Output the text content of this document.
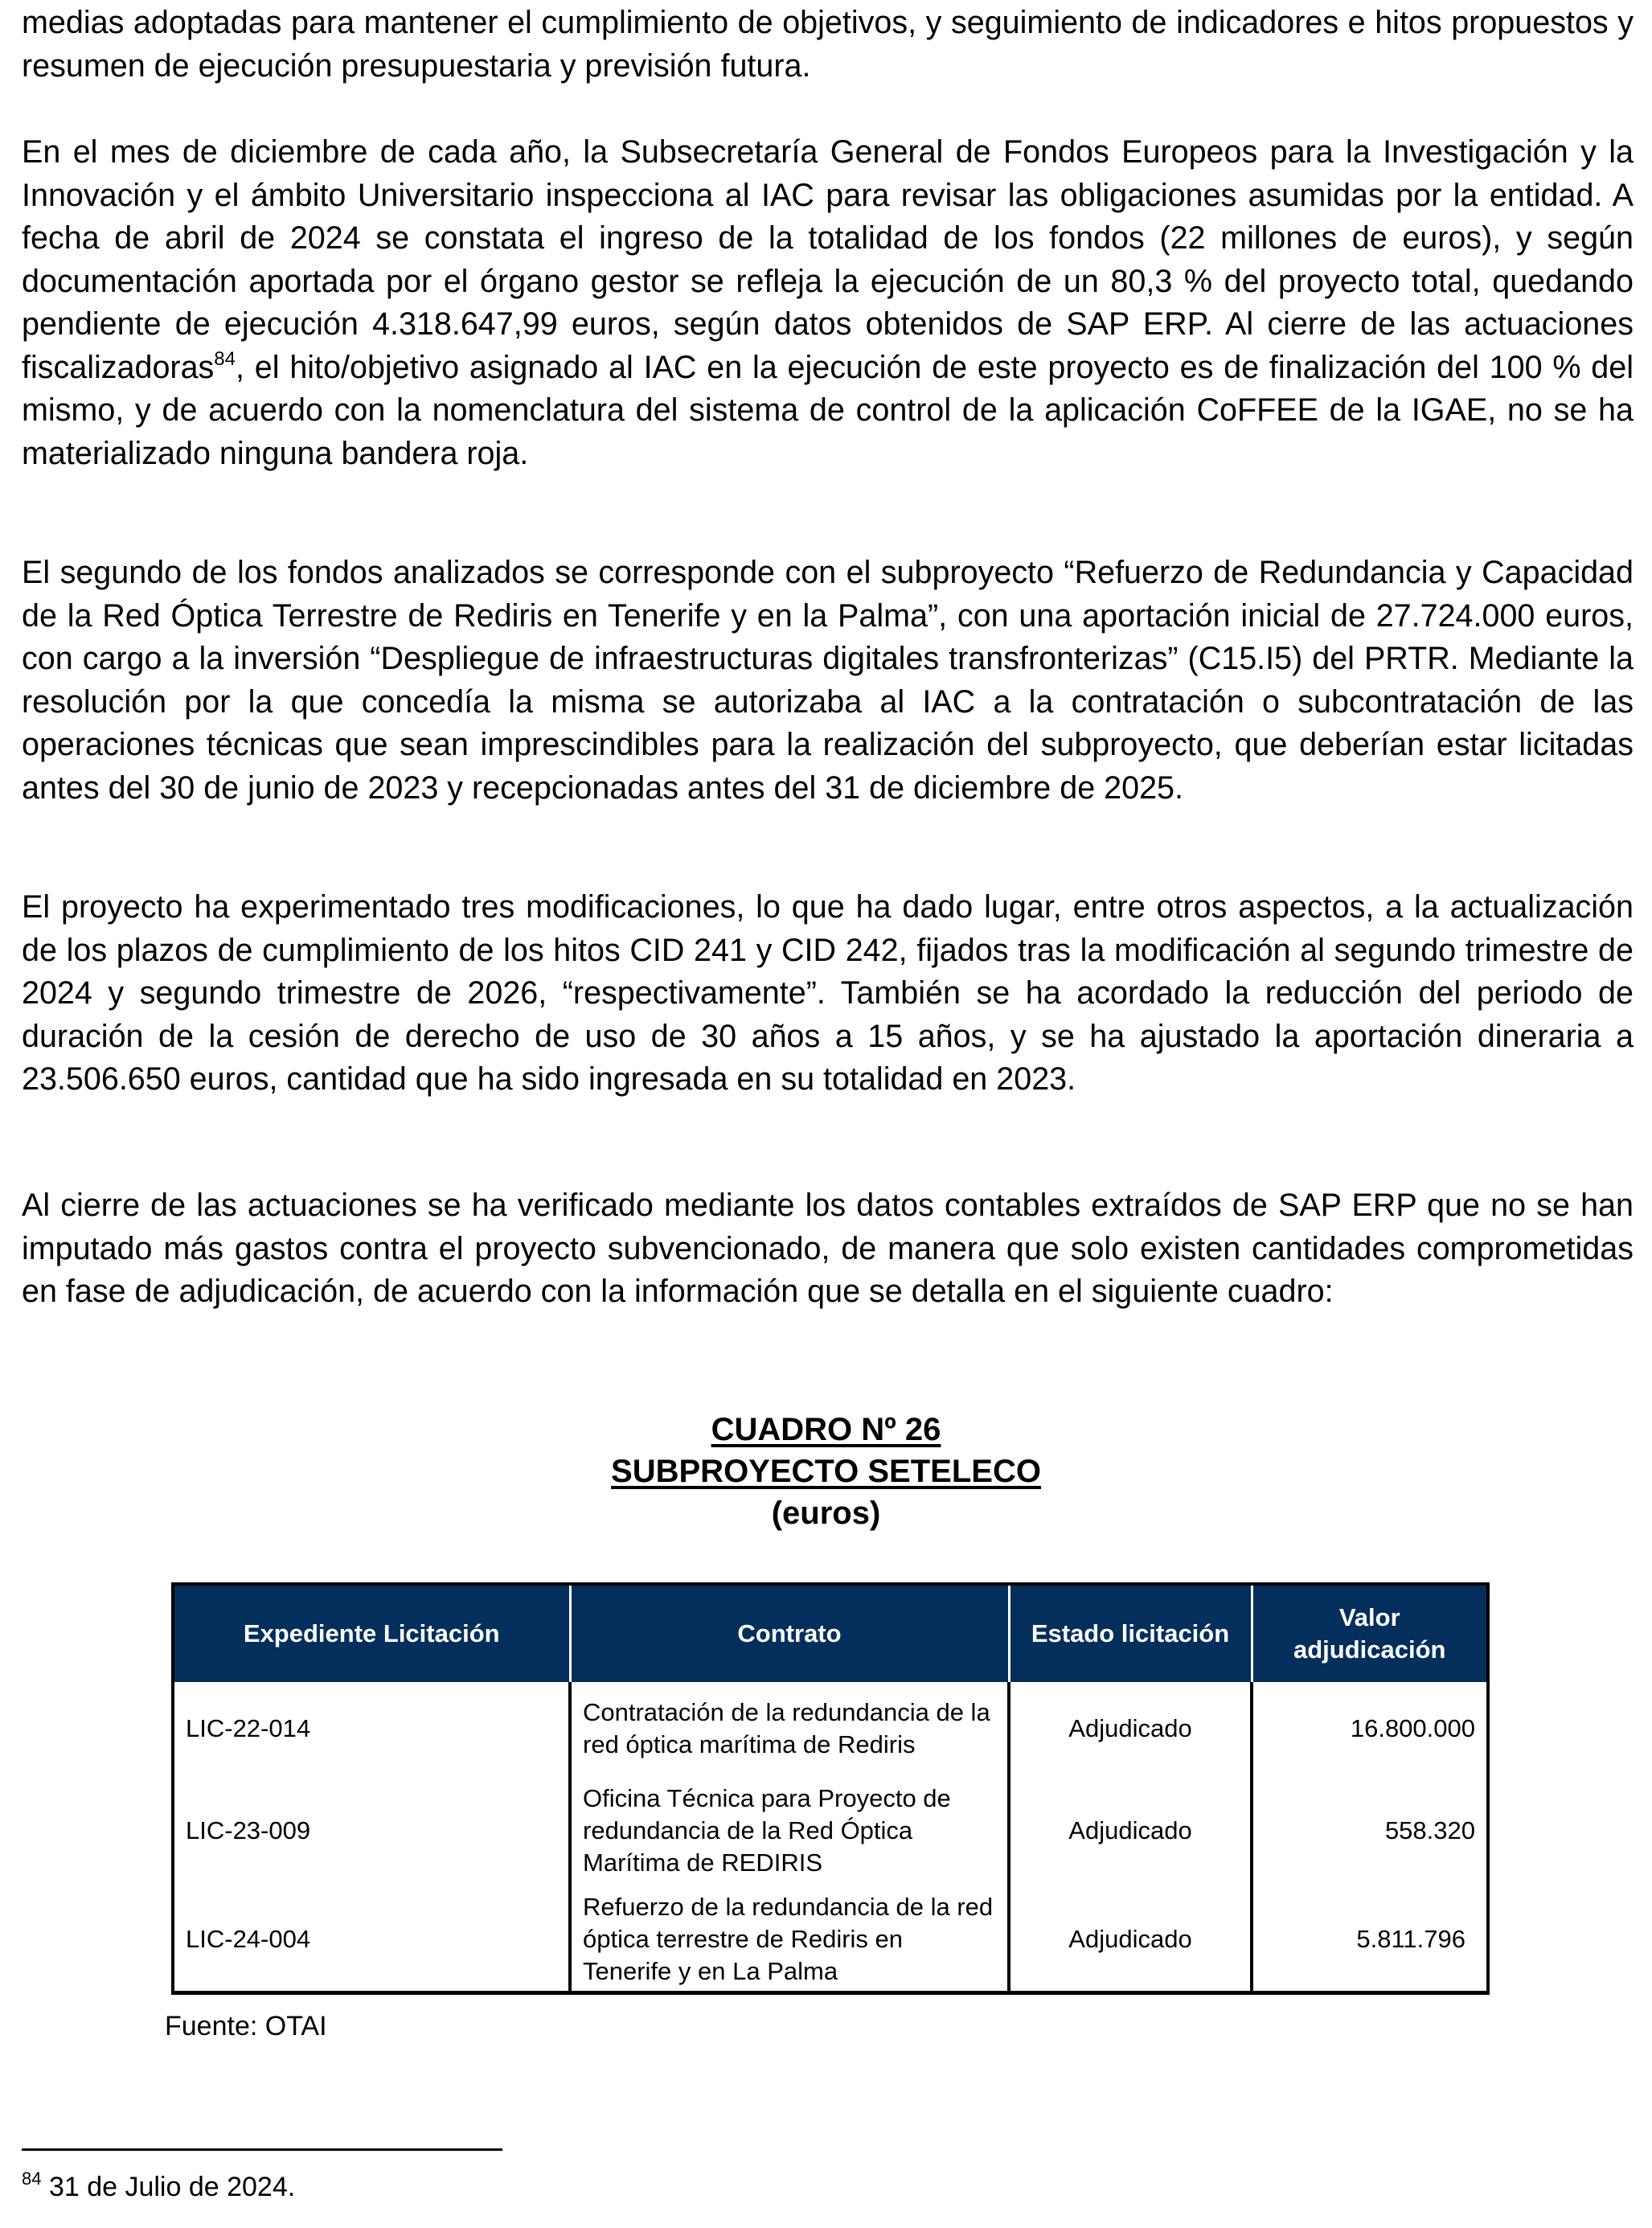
medias adoptadas para mantener el cumplimiento de objetivos, y seguimiento de indicadores e hitos propuestos y resumen de ejecución presupuestaria y previsión futura.

En el mes de diciembre de cada año, la Subsecretaría General de Fondos Europeos para la Investigación y la Innovación y el ámbito Universitario inspecciona al IAC para revisar las obligaciones asumidas por la entidad. A fecha de abril de 2024 se constata el ingreso de la totalidad de los fondos (22 millones de euros), y según documentación aportada por el órgano gestor se refleja la ejecución de un 80,3 % del proyecto total, quedando pendiente de ejecución 4.318.647,99 euros, según datos obtenidos de SAP ERP. Al cierre de las actuaciones fiscalizadoras$^{84}$, el hito/objetivo asignado al IAC en la ejecución de este proyecto es de finalización del 100 % del mismo, y de acuerdo con la nomenclatura del sistema de control de la aplicación CoFFEE de la IGAE, no se ha materializado ninguna bandera roja.

El segundo de los fondos analizados se corresponde con el subproyecto “Refuerzo de Redundancia y Capacidad de la Red Óptica Terrestre de Rediris en Tenerife y en la Palma”, con una aportación inicial de 27.724.000 euros, con cargo a la inversión “Despliegue de infraestructuras digitales transfronterizas” (C15.I5) del PRTR. Mediante la resolución por la que concedía la misma se autorizaba al IAC a la contratación o subcontratación de las operaciones técnicas que sean imprescindibles para la realización del subproyecto, que deberían estar licitadas antes del 30 de junio de 2023 y recepcionadas antes del 31 de diciembre de 2025.

El proyecto ha experimentado tres modificaciones, lo que ha dado lugar, entre otros aspectos, a la actualización de los plazos de cumplimiento de los hitos CID 241 y CID 242, fijados tras la modificación al segundo trimestre de 2024 y segundo trimestre de 2026, “respectivamente”. También se ha acordado la reducción del periodo de duración de la cesión de derecho de uso de 30 años a 15 años, y se ha ajustado la aportación dineraria a 23.506.650 euros, cantidad que ha sido ingresada en su totalidad en 2023.

Al cierre de las actuaciones se ha verificado mediante los datos contables extraídos de SAP ERP que no se han imputado más gastos contra el proyecto subvencionado, de manera que solo existen cantidades comprometidas en fase de adjudicación, de acuerdo con la información que se detalla en el siguiente cuadro:

CUADRO Nº 26
SUBPROYECTO SETELECO
(euros)
Expediente Licitación	Contrato	Estado licitación	Valor adjudicación
LIC-22-014	Contratación de la redundancia de la red óptica marítima de Rediris	Adjudicado	16.800.000
LIC-23-009	Oficina Técnica para Proyecto de redundancia de la Red Óptica Marítima de REDIRIS	Adjudicado	558.320
LIC-24-004	Refuerzo de la redundancia de la red óptica terrestre de Rediris en Tenerife y en La Palma	Adjudicado	5.811.796
Fuente: OTAI
$^{84}$ 31 de Julio de 2024.
